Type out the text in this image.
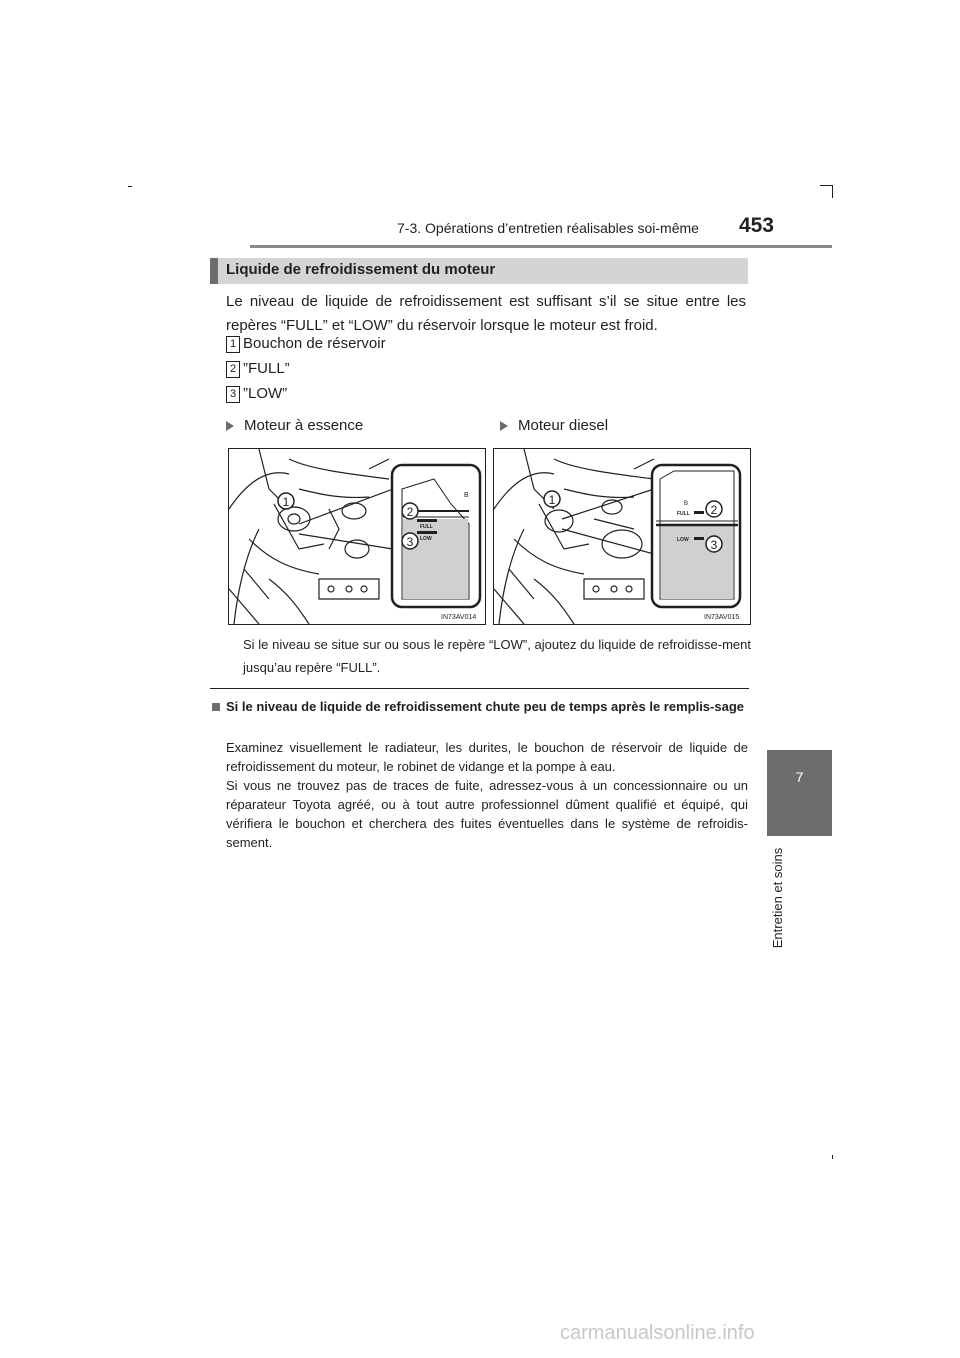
7-3. Opérations d’entretien réalisables soi-même 453
7
Entretien et soins
Liquide de refroidissement du moteur
Le niveau de liquide de refroidissement est suffisant s’il se situe entre les repères “FULL” et “LOW” du réservoir lorsque le moteur est froid.
1 Bouchon de réservoir
2 ”FULL”
3 ”LOW”
Moteur à essence	Moteur diesel
FULL
LOW
B
1
2
3
IN73AV014
FULL
LOW
B
1
2
3
IN73AV015
Si le niveau se situe sur ou sous le repère “LOW”, ajoutez du liquide de refroidisse-ment jusqu’au repère “FULL”.
Si le niveau de liquide de refroidissement chute peu de temps après le remplis-sage

Examinez visuellement le radiateur, les durites, le bouchon de réservoir de liquide de refroidissement du moteur, le robinet de vidange et la pompe à eau.

Si vous ne trouvez pas de traces de fuite, adressez-vous à un concessionnaire ou un réparateur Toyota agréé, ou à tout autre professionnel dûment qualifié et équipé, qui vérifiera le bouchon et cherchera des fuites éventuelles dans le système de refroidis-sement.

carmanualsonline.info
